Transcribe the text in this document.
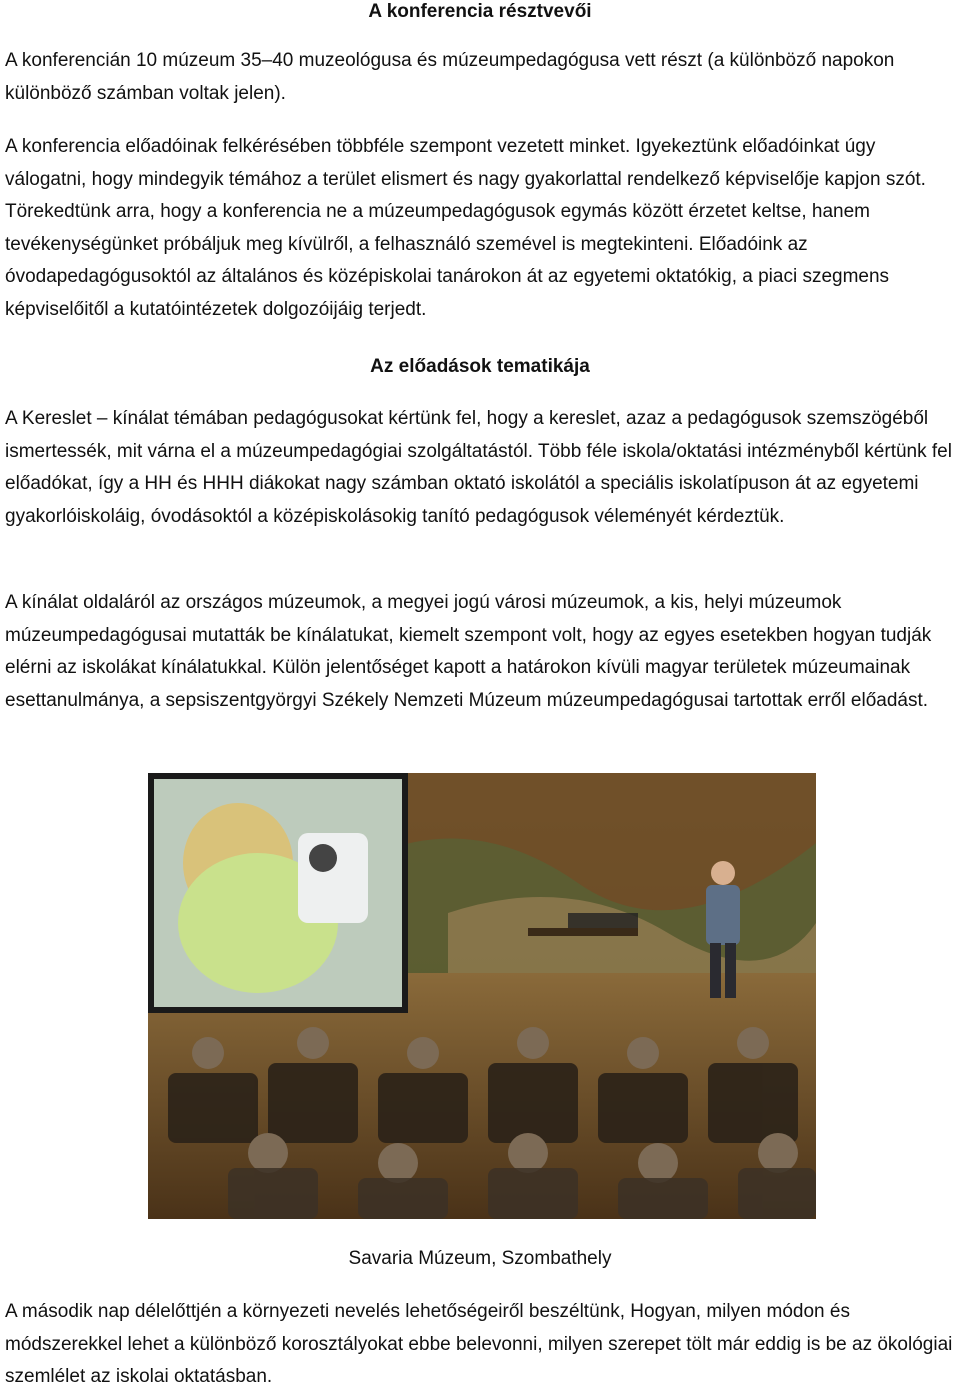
A konferencia résztvevői

A konferencián 10 múzeum 35–40 muzeológusa és múzeumpedagógusa vett részt (a különböző napokon különböző számban voltak jelen).

A konferencia előadóinak felkérésében többféle szempont vezetett minket. Igyekeztünk előadóinkat úgy válogatni, hogy mindegyik témához a terület elismert és nagy gyakorlattal rendelkező képviselője kapjon szót. Törekedtünk arra, hogy a konferencia ne a múzeumpedagógusok egymás között érzetet keltse, hanem tevékenységünket próbáljuk meg kívülről, a felhasználó szemével is megtekinteni. Előadóink az óvodapedagógusoktól az általános és középiskolai tanárokon át az egyetemi oktatókig, a piaci szegmens képviselőitől a kutatóintézetek dolgozóijáig terjedt.

Az előadások tematikája

A Kereslet – kínálat témában pedagógusokat kértünk fel, hogy a kereslet, azaz a pedagógusok szemszögéből ismertessék, mit várna el a múzeumpedagógiai szolgáltatástól. Több féle iskola/oktatási intézményből kértünk fel előadókat, így a HH és HHH diákokat nagy számban oktató iskolától a speciális iskolatípuson át az egyetemi gyakorlóiskoláig, óvodásoktól a középiskolásokig tanító pedagógusok véleményét kérdeztük.

A kínálat oldaláról az országos múzeumok, a megyei jogú városi múzeumok, a kis, helyi múzeumok múzeumpedagógusai mutatták be kínálatukat, kiemelt szempont volt, hogy az egyes esetekben hogyan tudják elérni az iskolákat kínálatukkal. Külön jelentőséget kapott a határokon kívüli magyar területek múzeumainak esettanulmánya, a sepsiszentgyörgyi Székely Nemzeti Múzeum múzeumpedagógusai tartottak erről előadást.

Savaria Múzeum, Szombathely

A második nap délelőttjén a környezeti nevelés lehetőségeiről beszéltünk, Hogyan, milyen módon és módszerekkel lehet a különböző korosztályokat ebbe belevonni, milyen szerepet tölt már eddig is be az ökológiai szemlélet az iskolai oktatásban.
